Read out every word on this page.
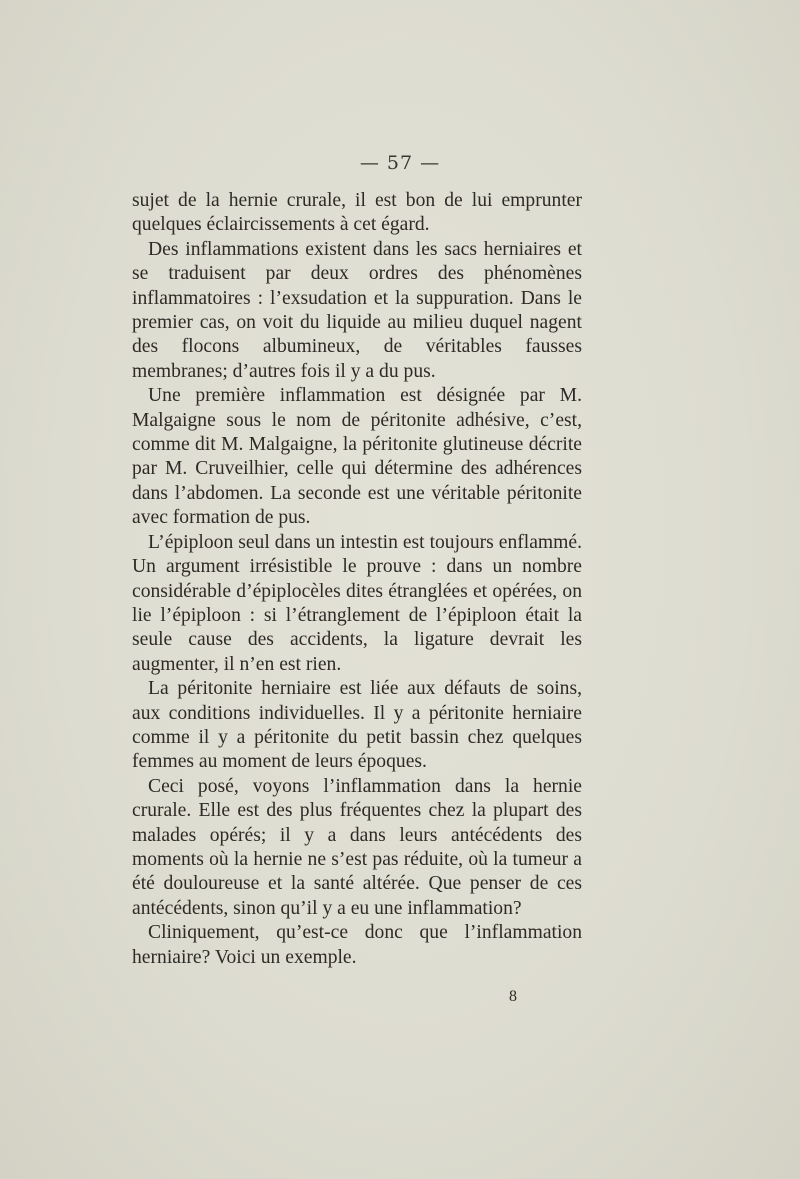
— 57 —

sujet de la hernie crurale, il est bon de lui emprunter quelques éclaircissements à cet égard.

Des inflammations existent dans les sacs herniaires et se traduisent par deux ordres des phénomènes inflammatoires : l’exsudation et la suppuration. Dans le premier cas, on voit du liquide au milieu duquel nagent des flocons albumineux, de véritables fausses membranes; d’autres fois il y a du pus.

Une première inflammation est désignée par M. Malgaigne sous le nom de péritonite adhésive, c’est, comme dit M. Malgaigne, la péritonite glutineuse décrite par M. Cruveilhier, celle qui détermine des adhérences dans l’abdomen. La seconde est une véritable péritonite avec formation de pus.

L’épiploon seul dans un intestin est toujours enflammé. Un argument irrésistible le prouve : dans un nombre considérable d’épiplocèles dites étranglées et opérées, on lie l’épiploon : si l’étranglement de l’épiploon était la seule cause des accidents, la ligature devrait les augmenter, il n’en est rien.

La péritonite herniaire est liée aux défauts de soins, aux conditions individuelles. Il y a péritonite herniaire comme il y a péritonite du petit bassin chez quelques femmes au moment de leurs époques.

Ceci posé, voyons l’inflammation dans la hernie crurale. Elle est des plus fréquentes chez la plupart des malades opérés; il y a dans leurs antécédents des moments où la hernie ne s’est pas réduite, où la tumeur a été douloureuse et la santé altérée. Que penser de ces antécédents, sinon qu’il y a eu une inflammation?

Cliniquement, qu’est-ce donc que l’inflammation herniaire? Voici un exemple.

8
